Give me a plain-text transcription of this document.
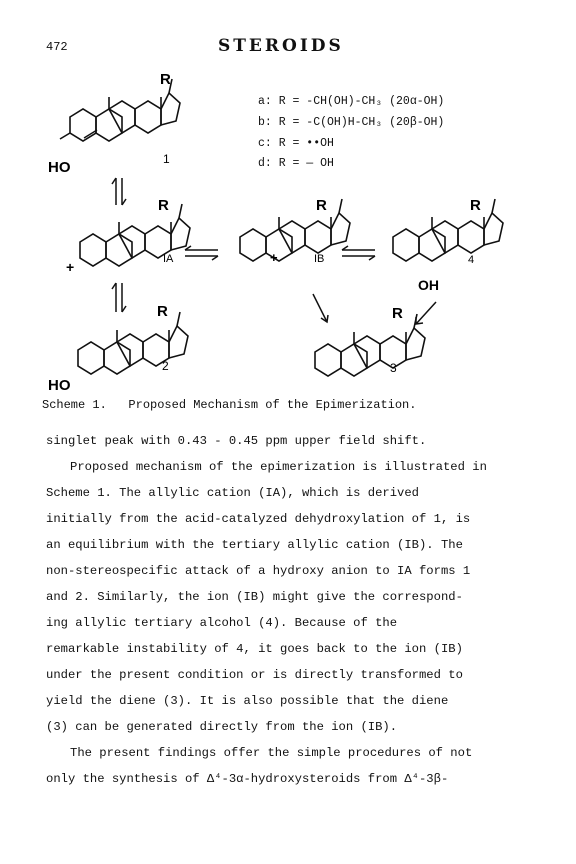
472	STEROIDS
R
HO	1
R
+	IA
R
+	IB
R
OH
4
R
HO
2
R
3
a: R = -CH(OH)-CH₃ (20α-OH)
b: R = -C(OH)H-CH₃ (20β-OH)
c: R = ••OH
d: R = — OH
Scheme 1.   Proposed Mechanism of the Epimerization.

singlet peak with 0.43 - 0.45 ppm upper field shift.

Proposed mechanism of the epimerization is illustrated in

Scheme 1. The allylic cation (IA), which is derived

initially from the acid-catalyzed dehydroxylation of 1, is

an equilibrium with the tertiary allylic cation (IB). The

non-stereospecific attack of a hydroxy anion to IA forms 1

and 2. Similarly, the ion (IB) might give the correspond-

ing allylic tertiary alcohol (4). Because of the

remarkable instability of 4, it goes back to the ion (IB)

under the present condition or is directly transformed to

yield the diene (3). It is also possible that the diene

(3) can be generated directly from the ion (IB).

The present findings offer the simple procedures of not

only the synthesis of Δ⁴-3α-hydroxysteroids from Δ⁴-3β-
